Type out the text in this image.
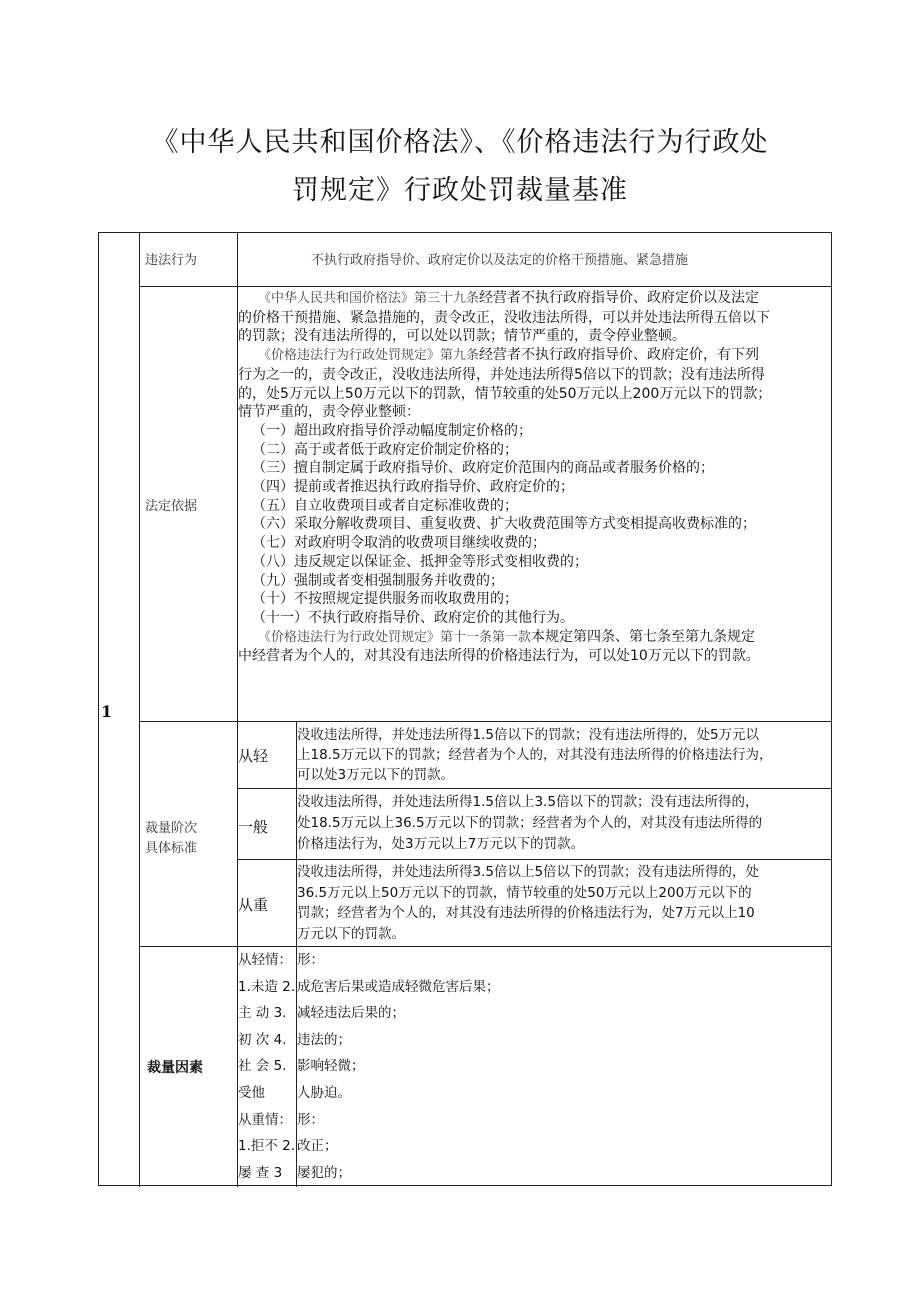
《中华人民共和国价格法》、《价格违法行为行政处
罚规定》行政处罚裁量基准
1
违法行为	不执行政府指导价、政府定价以及法定的价格干预措施、紧急措施
法定依据
《中华人民共和国价格法》第三十九条经营者不执行政府指导价、政府定价以及法定
的价格干预措施、紧急措施的，责令改正，没收违法所得，可以并处违法所得五倍以下
的罚款；没有违法所得的，可以处以罚款；情节严重的，责令停业整顿。
《价格违法行为行政处罚规定》第九条经营者不执行政府指导价、政府定价，有下列
行为之一的，责令改正，没收违法所得，并处违法所得5倍以下的罚款；没有违法所得
的，处5万元以上50万元以下的罚款，情节较重的处50万元以上200万元以下的罚款；
情节严重的，责令停业整顿：
（一）超出政府指导价浮动幅度制定价格的；
（二）高于或者低于政府定价制定价格的；
（三）擅自制定属于政府指导价、政府定价范围内的商品或者服务价格的；
（四）提前或者推迟执行政府指导价、政府定价的；
（五）自立收费项目或者自定标准收费的；
（六）采取分解收费项目、重复收费、扩大收费范围等方式变相提高收费标准的；
（七）对政府明令取消的收费项目继续收费的；
（八）违反规定以保证金、抵押金等形式变相收费的；
（九）强制或者变相强制服务并收费的；
（十）不按照规定提供服务而收取费用的；
（十一）不执行政府指导价、政府定价的其他行为。
《价格违法行为行政处罚规定》第十一条第一款本规定第四条、第七条至第九条规定
中经营者为个人的，对其没有违法所得的价格违法行为，可以处10万元以下的罚款。
裁量阶次
具体标准
从轻
没收违法所得，并处违法所得1.5倍以下的罚款；没有违法所得的，处5万元以
上18.5万元以下的罚款；经营者为个人的，对其没有违法所得的价格违法行为，
可以处3万元以下的罚款。
一般
没收违法所得，并处违法所得1.5倍以上3.5倍以下的罚款；没有违法所得的，
处18.5万元以上36.5万元以下的罚款；经营者为个人的，对其没有违法所得的
价格违法行为，处3万元以上7万元以下的罚款。
从重
没收违法所得，并处违法所得3.5倍以上5倍以下的罚款；没有违法所得的，处
36.5万元以上50万元以下的罚款，情节较重的处50万元以上200万元以下的
罚款；经营者为个人的，对其没有违法所得的价格违法行为，处7万元以上10
万元以下的罚款。
裁量因素
从轻情：
1.未造 2.
主 动 3.
初 次 4.
社 会 5.
受他
从重情：
1.拒不 2.
屡 查 3
形：
成危害后果或造成轻微危害后果；
减轻违法后果的；
违法的；
影响轻微；
人胁迫。
形：
改正；
屡犯的；
